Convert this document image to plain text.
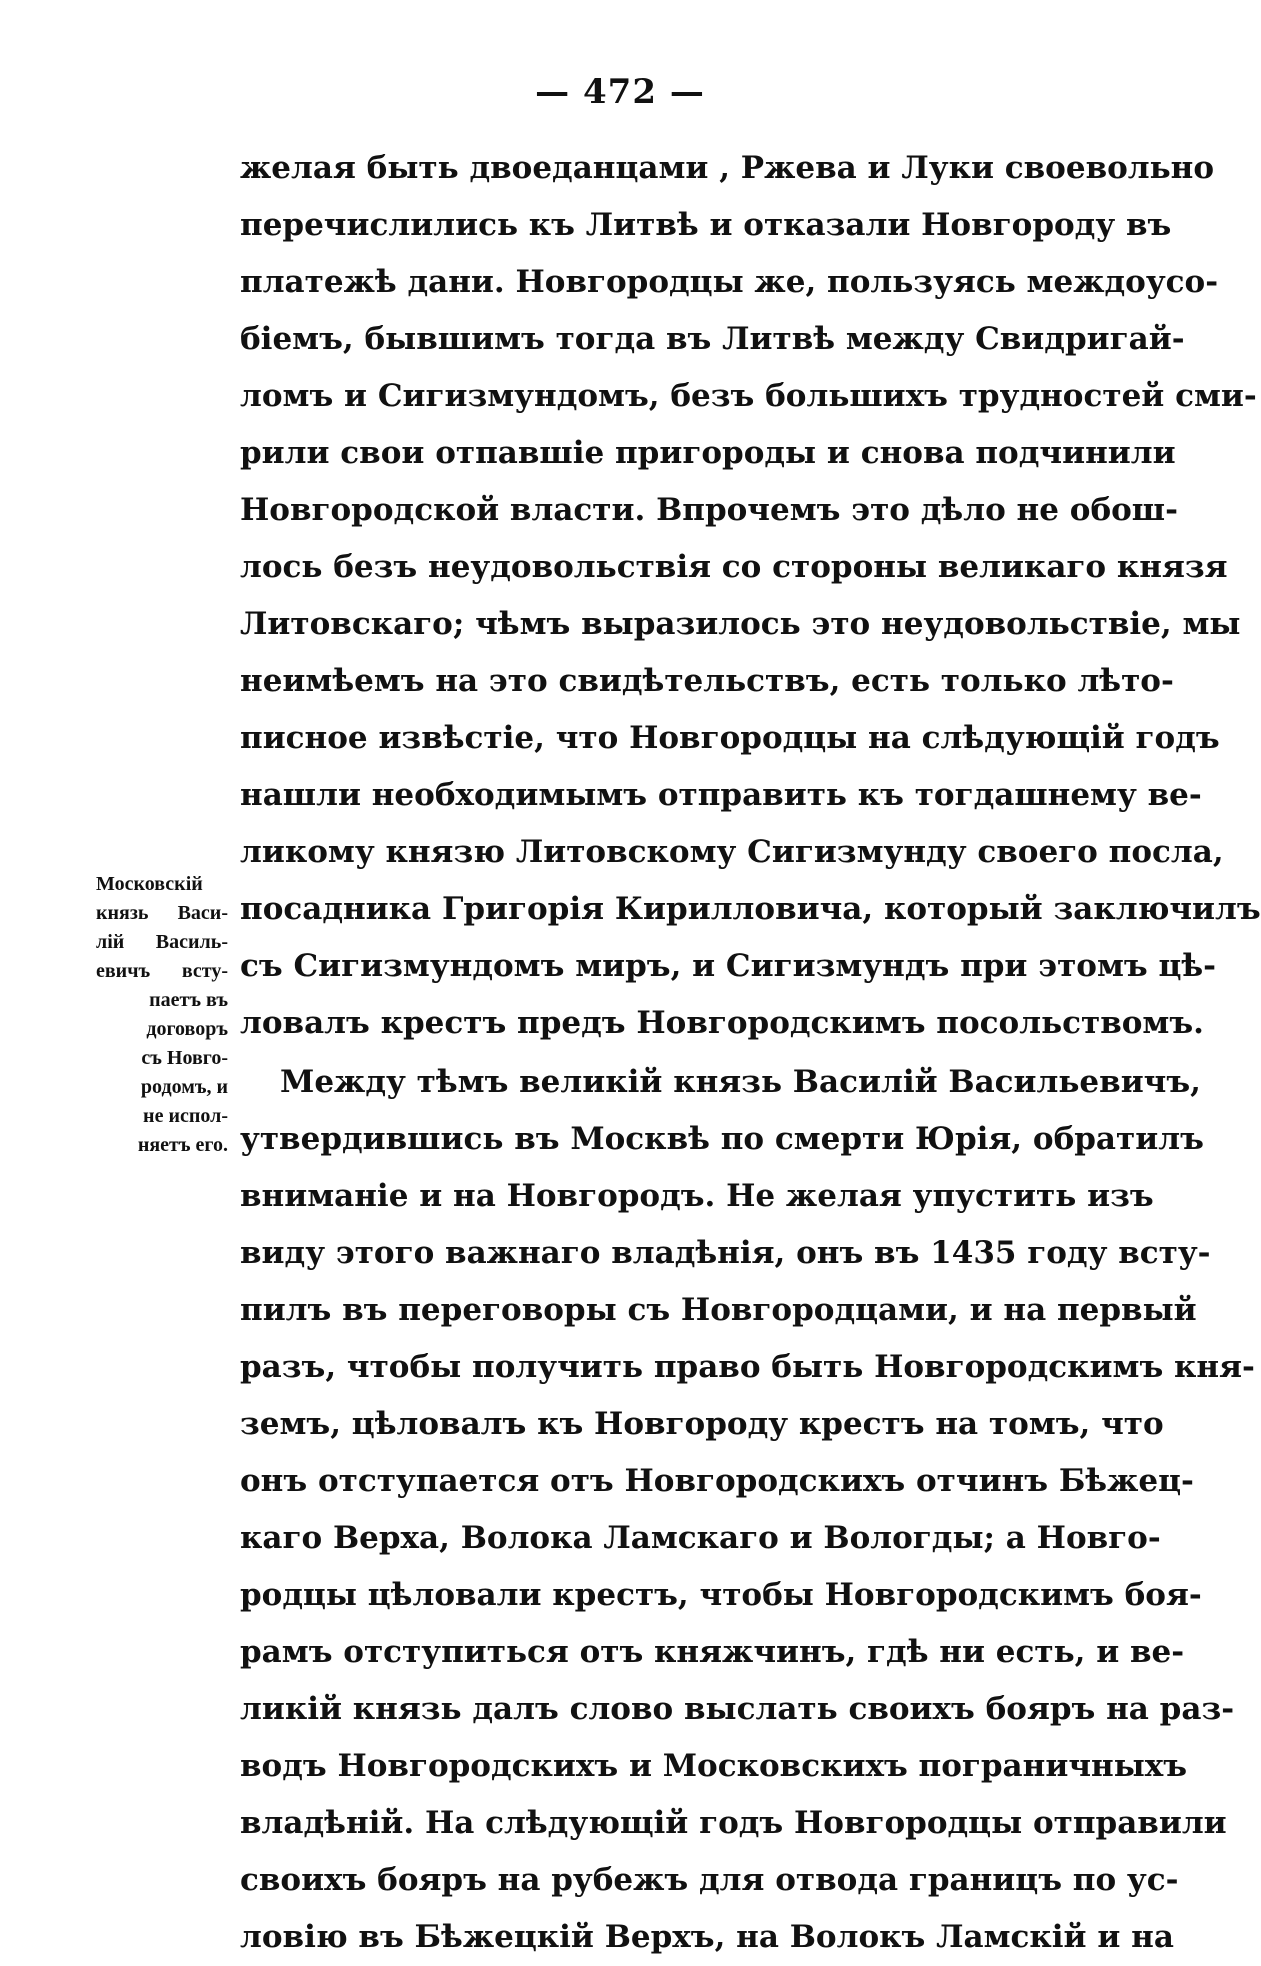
— 472 —
желая быть двоеданцами , Ржева и Луки своевольно
перечислились къ Литвѣ и отказали Новгороду въ
платежѣ дани. Новгородцы же, пользуясь междоусо-
біемъ, бывшимъ тогда въ Литвѣ между Свидригай-
ломъ и Сигизмундомъ, безъ большихъ трудностей сми-
рили свои отпавшіе пригороды и снова подчинили
Новгородской власти. Впрочемъ это дѣло не обош-
лось безъ неудовольствія со стороны великаго князя
Литовскаго; чѣмъ выразилось это неудовольствіе, мы
неимѣемъ на это свидѣтельствъ, есть только лѣто-
писное извѣстіе, что Новгородцы на слѣдующій годъ
нашли необходимымъ отправить къ тогдашнему ве-
ликому князю Литовскому Сигизмунду своего посла,
посадника Григорія Кирилловича, который заключилъ
съ Сигизмундомъ миръ, и Сигизмундъ при этомъ цѣ-
ловалъ крестъ предъ Новгородскимъ посольствомъ.
Между тѣмъ великій князь Василій Васильевичъ,
утвердившись въ Москвѣ по смерти Юрія, обратилъ
вниманіе и на Новгородъ. Не желая упустить изъ
виду этого важнаго владѣнія, онъ въ 1435 году всту-
пилъ въ переговоры съ Новгородцами, и на первый
разъ, чтобы получить право быть Новгородскимъ кня-
земъ, цѣловалъ къ Новгороду крестъ на томъ, что
онъ отступается отъ Новгородскихъ отчинъ Бѣжец-
каго Верха, Волока Ламскаго и Вологды; а Новго-
родцы цѣловали крестъ, чтобы Новгородскимъ боя-
рамъ отступиться отъ княжчинъ, гдѣ ни есть, и ве-
ликій князь далъ слово выслать своихъ бояръ на раз-
водъ Новгородскихъ и Московскихъ пограничныхъ
владѣній. На слѣдующій годъ Новгородцы отправили
своихъ бояръ на рубежъ для отвода границъ по ус-
ловію въ Бѣжецкій Верхъ, на Волокъ Ламскій и на
Московскій
князь Васи-
лій Василь-
евичъ всту-
паетъ въ
договоръ
съ Новго-
родомъ, и
не испол-
няетъ его.
